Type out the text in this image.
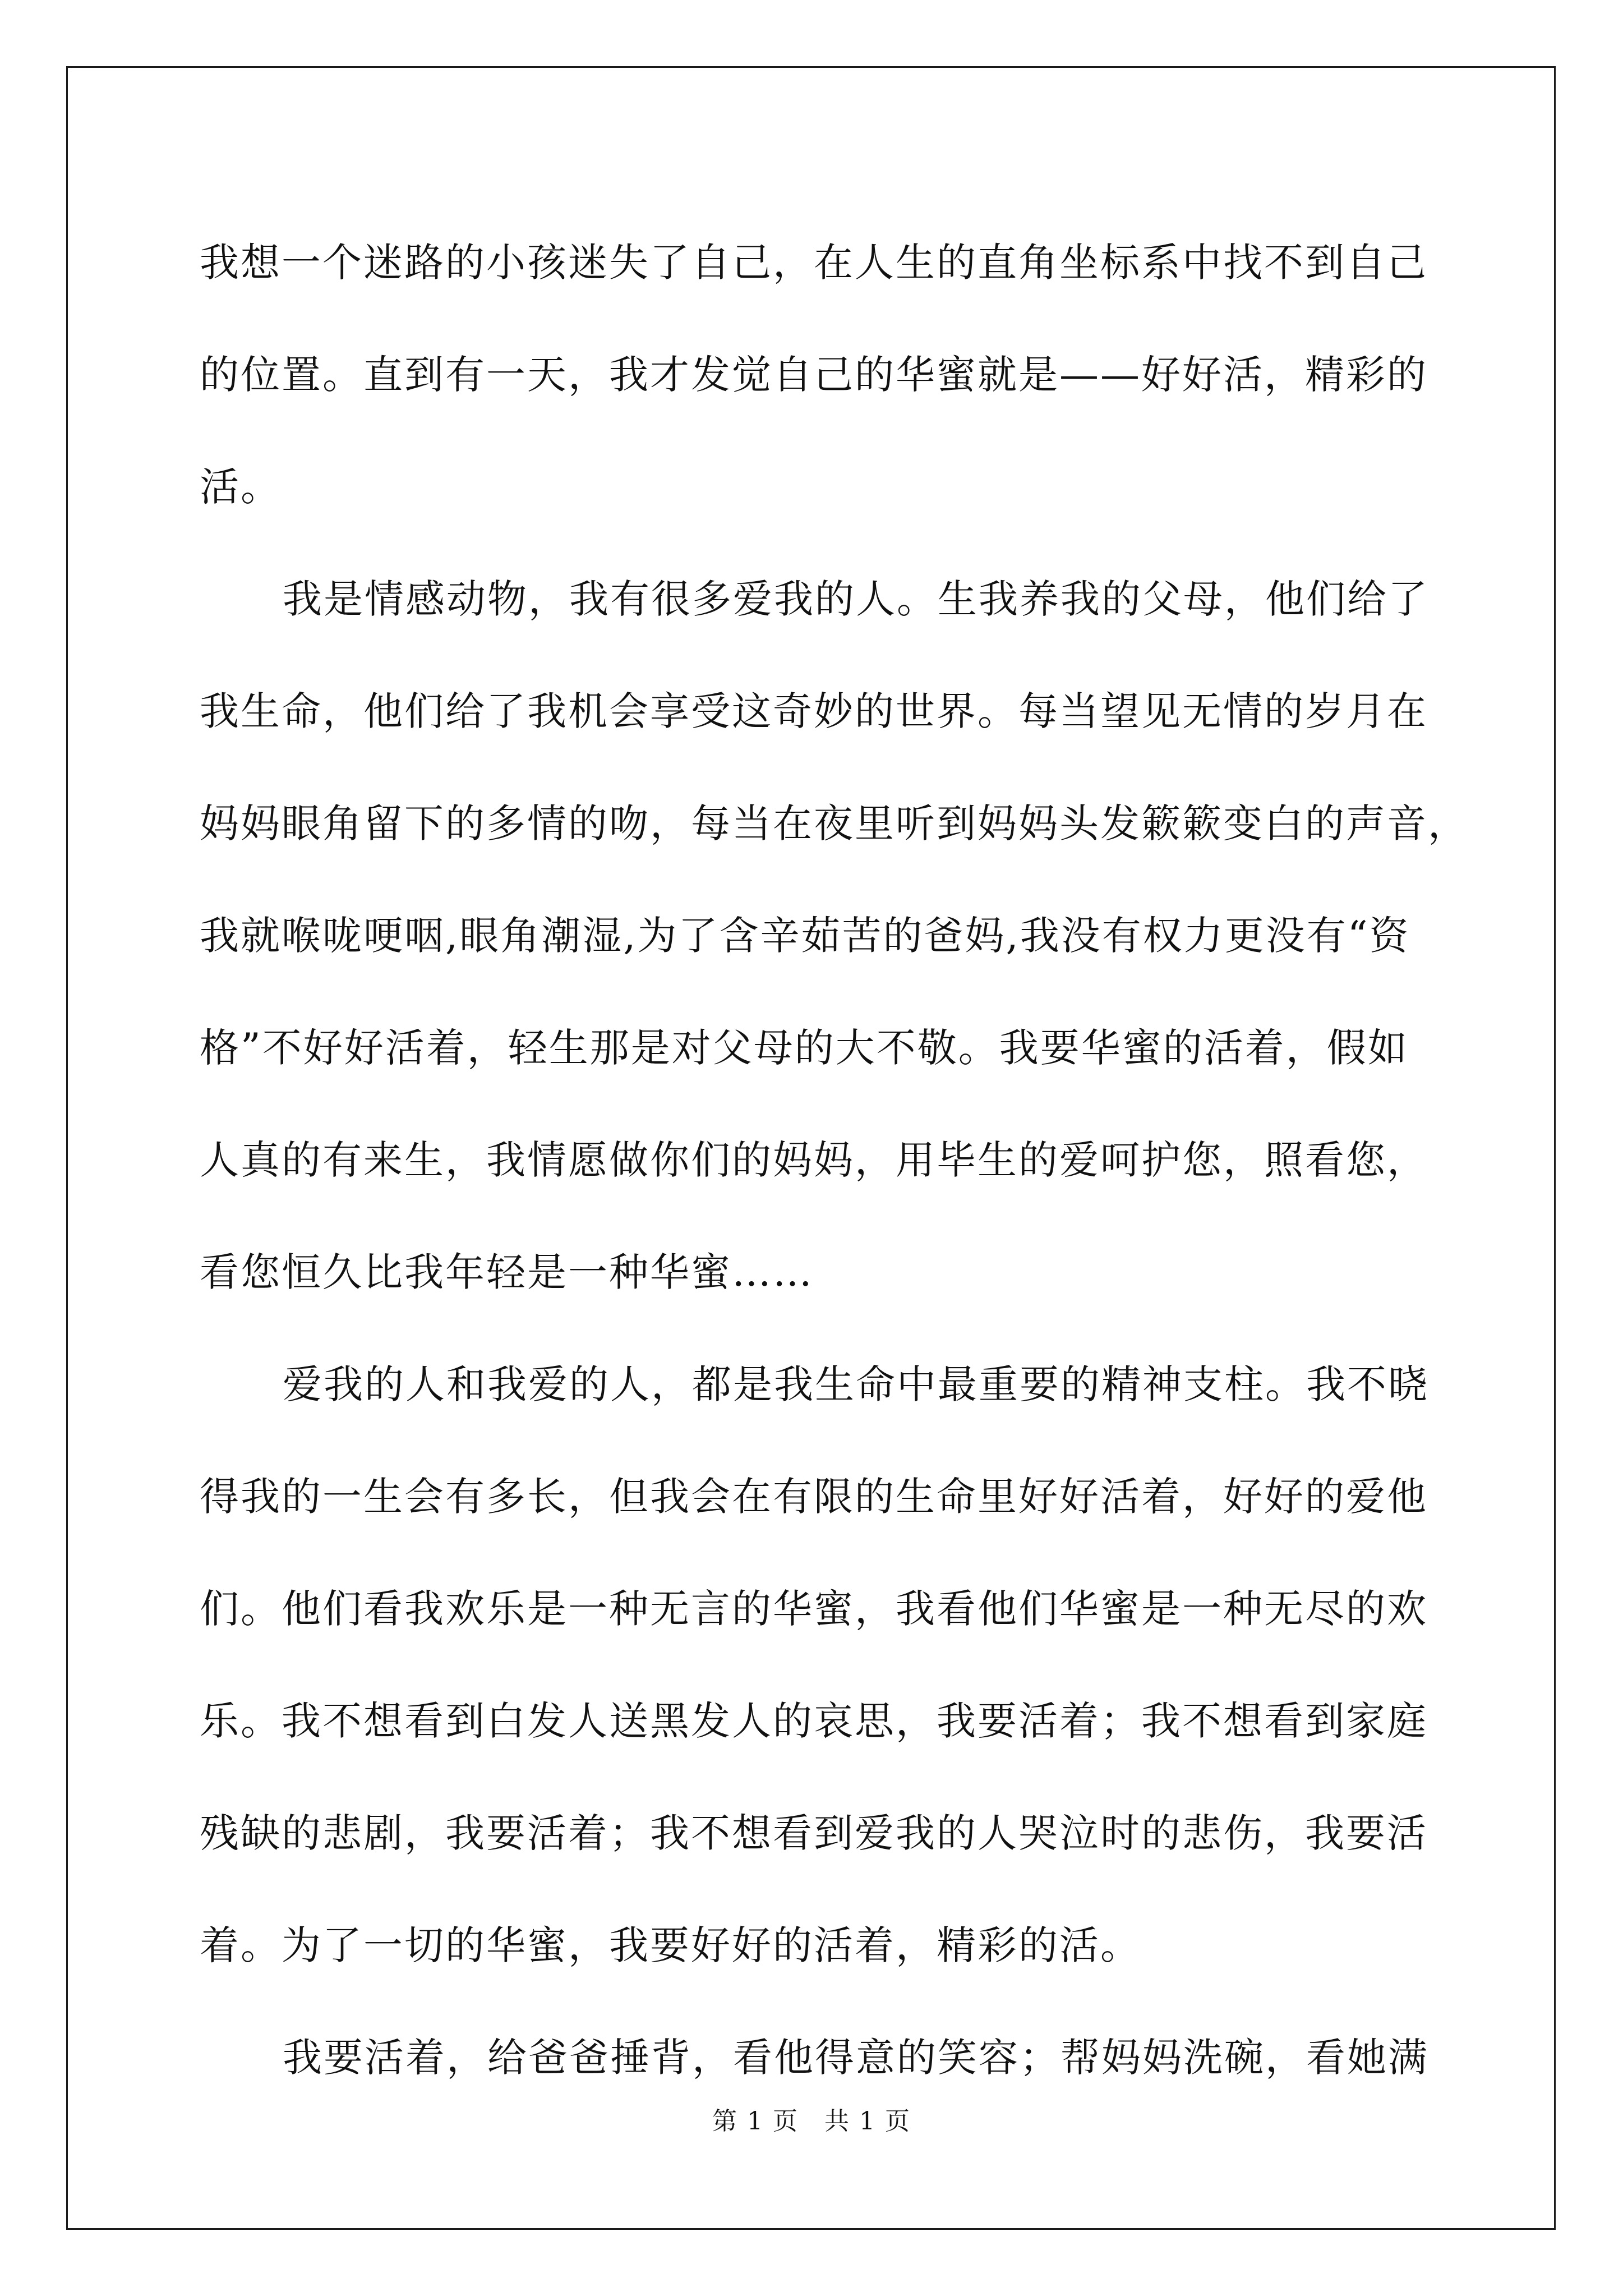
我想一个迷路的小孩迷失了自己，在人生的直角坐标系中找不到自己
的位置。直到有一天，我才发觉自己的华蜜就是——好好活，精彩的
活。
我是情感动物，我有很多爱我的人。生我养我的父母，他们给了
我生命，他们给了我机会享受这奇妙的世界。每当望见无情的岁月在
妈妈眼角留下的多情的吻，每当在夜里听到妈妈头发簌簌变白的声音，
我就喉咙哽咽,眼角潮湿,为了含辛茹苦的爸妈,我没有权力更没有“资
格”不好好活着，轻生那是对父母的大不敬。我要华蜜的活着，假如
人真的有来生，我情愿做你们的妈妈，用毕生的爱呵护您，照看您，
看您恒久比我年轻是一种华蜜……
爱我的人和我爱的人，都是我生命中最重要的精神支柱。我不晓
得我的一生会有多长，但我会在有限的生命里好好活着，好好的爱他
们。他们看我欢乐是一种无言的华蜜，我看他们华蜜是一种无尽的欢
乐。我不想看到白发人送黑发人的哀思，我要活着；我不想看到家庭
残缺的悲剧，我要活着；我不想看到爱我的人哭泣时的悲伤，我要活
着。为了一切的华蜜，我要好好的活着，精彩的活。
我要活着，给爸爸捶背，看他得意的笑容；帮妈妈洗碗，看她满
第 1 页　共 1 页
